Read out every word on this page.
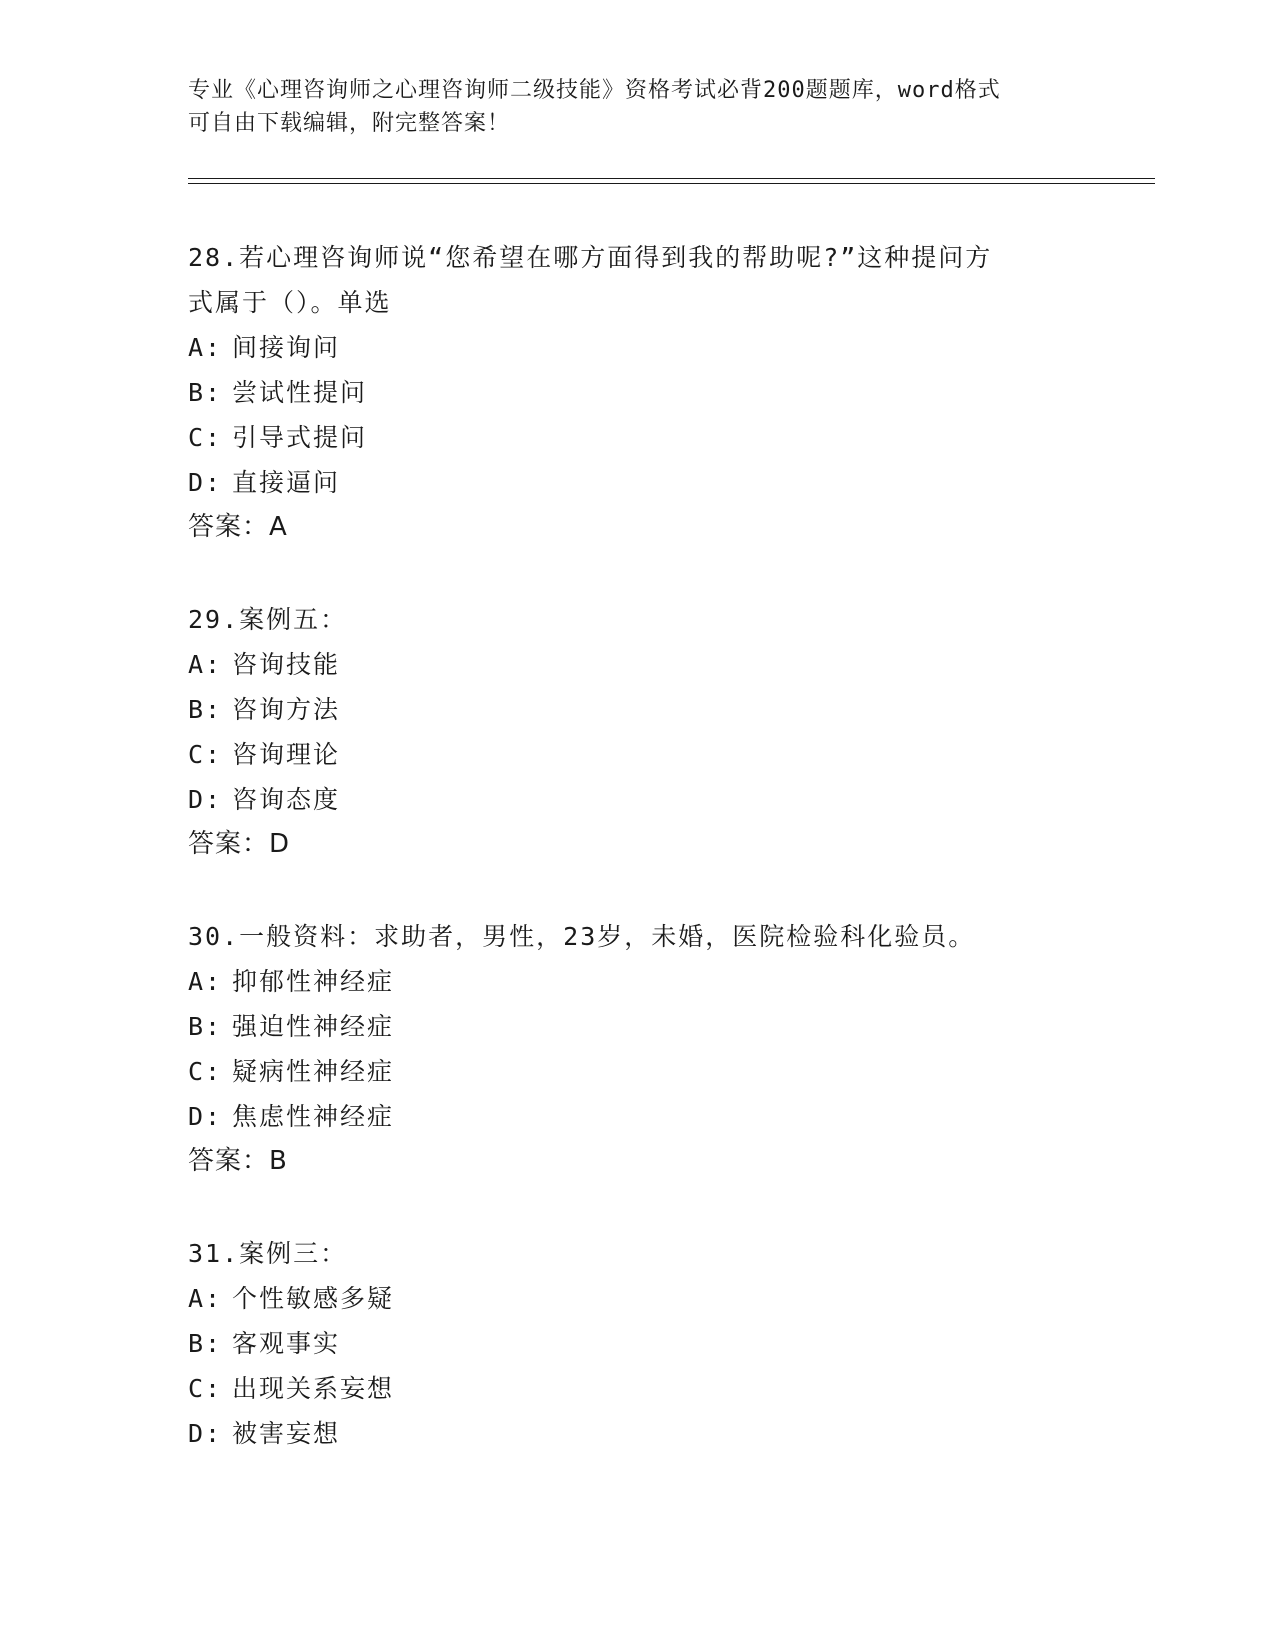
专业《心理咨询师之心理咨询师二级技能》资格考试必背200题题库，word格式
可自由下载编辑，附完整答案！
28.若心理咨询师说“您希望在哪方面得到我的帮助呢?”这种提问方
式属于（）。单选
A: 间接询问
B: 尝试性提问
C: 引导式提问
D: 直接逼问
答案：A
29.案例五：
A: 咨询技能
B: 咨询方法
C: 咨询理论
D: 咨询态度
答案：D
30.一般资料：求助者，男性，23岁，未婚，医院检验科化验员。
A: 抑郁性神经症
B: 强迫性神经症
C: 疑病性神经症
D: 焦虑性神经症
答案：B
31.案例三：
A: 个性敏感多疑
B: 客观事实
C: 出现关系妄想
D: 被害妄想
